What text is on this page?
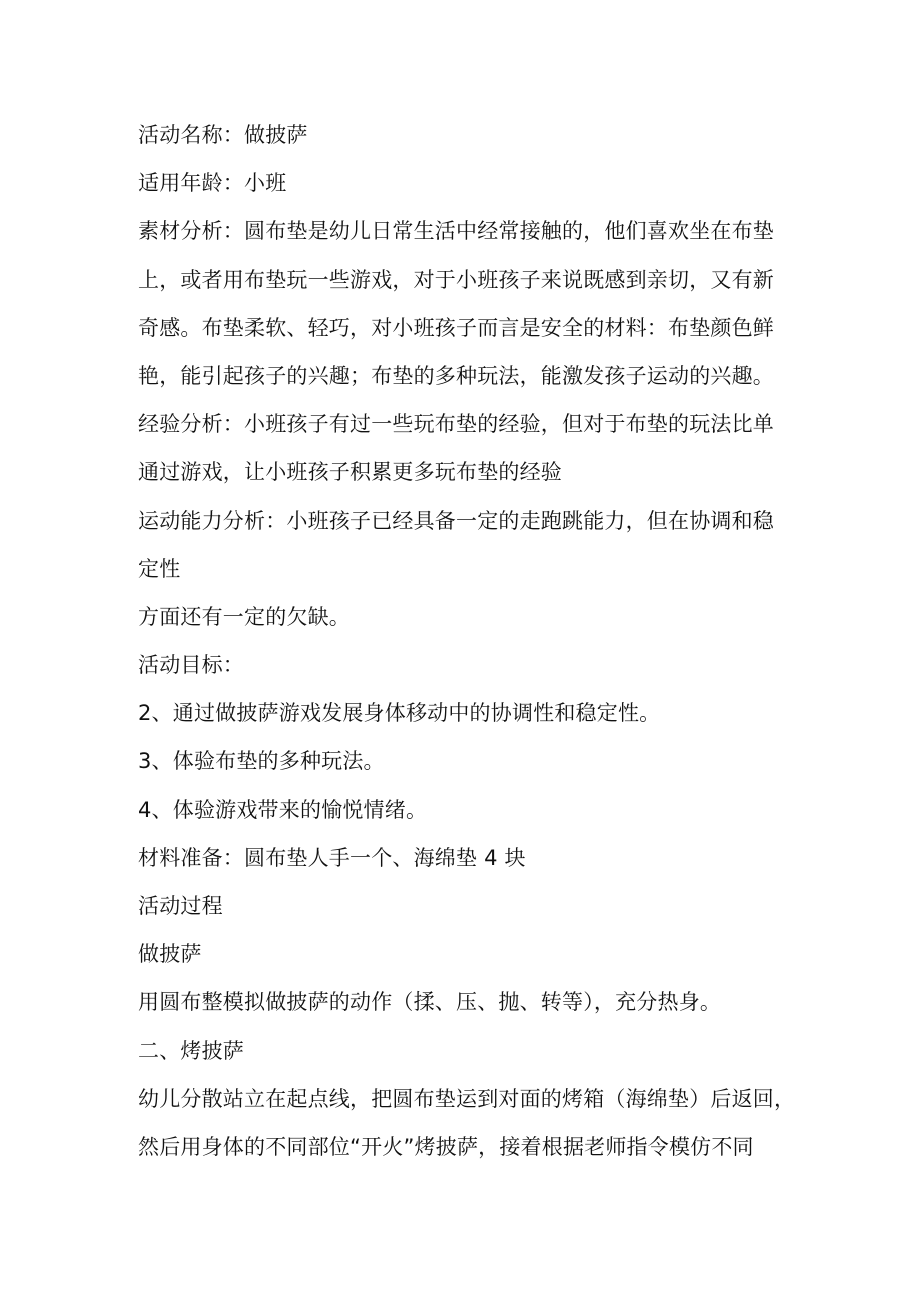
活动名称：做披萨
适用年龄：小班
素材分析：圆布垫是幼儿日常生活中经常接触的，他们喜欢坐在布垫
上，或者用布垫玩一些游戏，对于小班孩子来说既感到亲切，又有新
奇感。布垫柔软、轻巧，对小班孩子而言是安全的材料：布垫颜色鲜
艳，能引起孩子的兴趣；布垫的多种玩法，能激发孩子运动的兴趣。
经验分析：小班孩子有过一些玩布垫的经验，但对于布垫的玩法比单
通过游戏，让小班孩子积累更多玩布垫的经验
运动能力分析：小班孩子已经具备一定的走跑跳能力，但在协调和稳
定性
方面还有一定的欠缺。
活动目标：
2、通过做披萨游戏发展身体移动中的协调性和稳定性。
3、体验布垫的多种玩法。
4、体验游戏带来的愉悦情绪。
材料准备：圆布垫人手一个、海绵垫 4 块
活动过程
做披萨
用圆布整模拟做披萨的动作（揉、压、抛、转等），充分热身。
二、烤披萨
幼儿分散站立在起点线，把圆布垫运到对面的烤箱（海绵垫）后返回，
然后用身体的不同部位“开火”烤披萨，接着根据老师指令模仿不同
